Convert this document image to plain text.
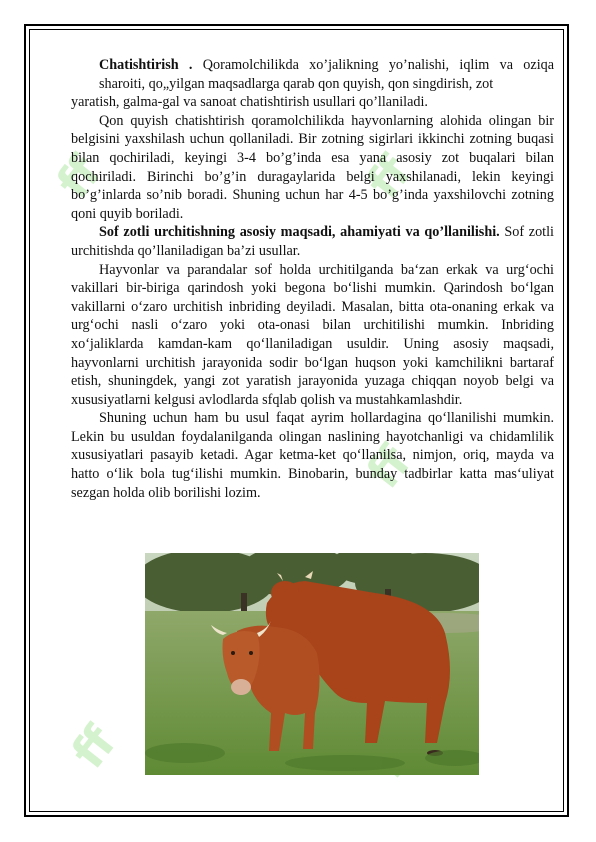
ff	ff
ff
ff

Chatishtirish . Qoramolchilikda xo’jalikning yo’nalishi, iqlim va oziqa sharoiti, qo„yilgan maqsadlarga qarab qon quyish, qon singdirish, zot

yaratish, galma-gal va sanoat chatishtirish usullari qo’llaniladi.

Qon quyish chatishtirish qoramolchilikda hayvonlarning alohida olingan bir belgisini yaxshilash uchun qollaniladi. Bir zotning sigirlari ikkinchi zotning buqasi bilan qochiriladi, keyingi 3-4 bo’g’inda esa yana asosiy zot buqalari bilan qochiriladi. Birinchi bo’g’in duragaylarida belgi yaxshilanadi, lekin keyingi bo’g’inlarda so’nib boradi. Shuning uchun har 4-5 bo’g’inda yaxshilovchi zotning qoni quyib boriladi.

Sof zotli urchitishning asosiy maqsadi, ahamiyati va qo’llanilishi. Sof zotli urchitishda qo’llaniladigan ba’zi usullar.

Hayvonlar va parandalar sof holda urchitilganda ba‘zan erkak va urg‘ochi vakillari bir-biriga qarindosh yoki begona bo‘lishi mumkin. Qarindosh bo‘lgan vakillarni o‘zaro urchitish inbriding deyiladi. Masalan, bitta ota-onaning erkak va urg‘ochi nasli o‘zaro yoki ota-onasi bilan urchitilishi mumkin. Inbriding xo‘jaliklarda kamdan-kam qo‘llaniladigan usuldir. Uning asosiy maqsadi, hayvonlarni urchitish jarayonida sodir bo‘lgan huqson yoki kamchilikni bartaraf etish, shuningdek, yangi zot yaratish jarayonida yuzaga chiqqan noyob belgi va xususiyatlarni kelgusi avlodlarda sfqlab qolish va mustahkamlashdir.

Shuning uchun ham bu usul faqat ayrim hollardagina qo‘llanilishi mumkin. Lekin bu usuldan foydalanilganda olingan naslining hayotchanligi va chidamlilik xususiyatlari pasayib ketadi. Agar ketma-ket qo‘llanilsa, nimjon, oriq, mayda va hatto o‘lik bola tug‘ilishi mumkin. Binobarin, bunday tadbirlar katta mas‘uliyat sezgan holda olib borilishi lozim.
